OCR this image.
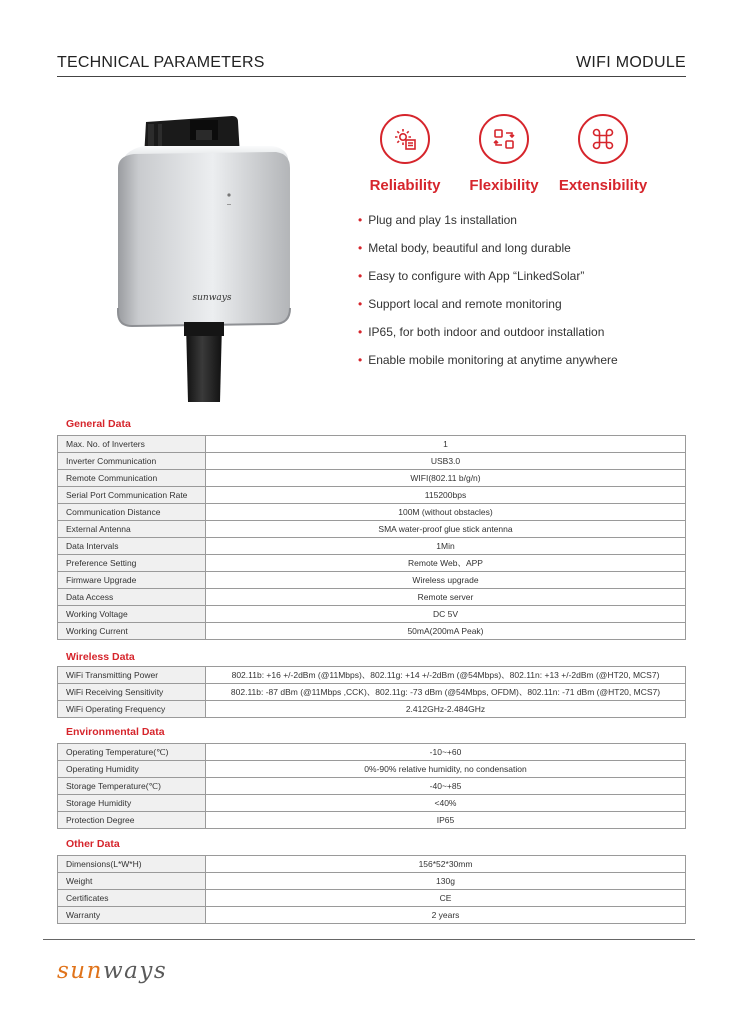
TECHNICAL PARAMETERS	WIFI MODULE
sunways
Reliability	Flexibility	Extensibility
• Plug and play 1s installation
• Metal body, beautiful and long durable
• Easy to configure with App “LinkedSolar”
• Support local and remote monitoring
• IP65, for both indoor and outdoor installation
• Enable mobile monitoring at anytime anywhere
General Data
Max. No. of Inverters	1
Inverter Communication	USB3.0
Remote Communication	WIFI(802.11 b/g/n)
Serial Port Communication Rate	115200bps
Communication Distance	100M (without obstacles)
External Antenna	SMA water-proof glue stick antenna
Data Intervals	1Min
Preference Setting	Remote Web、APP
Firmware Upgrade	Wireless upgrade
Data Access	Remote server
Working Voltage	DC 5V
Working Current	50mA(200mA Peak)
Wireless Data
WiFi Transmitting Power	802.11b: +16 +/-2dBm (@11Mbps)、802.11g: +14 +/-2dBm (@54Mbps)、802.11n: +13 +/-2dBm (@HT20, MCS7)
WiFi Receiving Sensitivity	802.11b: -87 dBm (@11Mbps ,CCK)、802.11g: -73 dBm (@54Mbps, OFDM)、802.11n: -71 dBm (@HT20, MCS7)
WiFi Operating Frequency	2.412GHz-2.484GHz
Environmental Data
Operating Temperature(℃)	-10~+60
Operating Humidity	0%-90% relative humidity, no condensation
Storage Temperature(℃)	-40~+85
Storage Humidity	<40%
Protection Degree	IP65
Other Data
Dimensions(L*W*H)	156*52*30mm
Weight	130g
Certificates	CE
Warranty	2 years
sunways
